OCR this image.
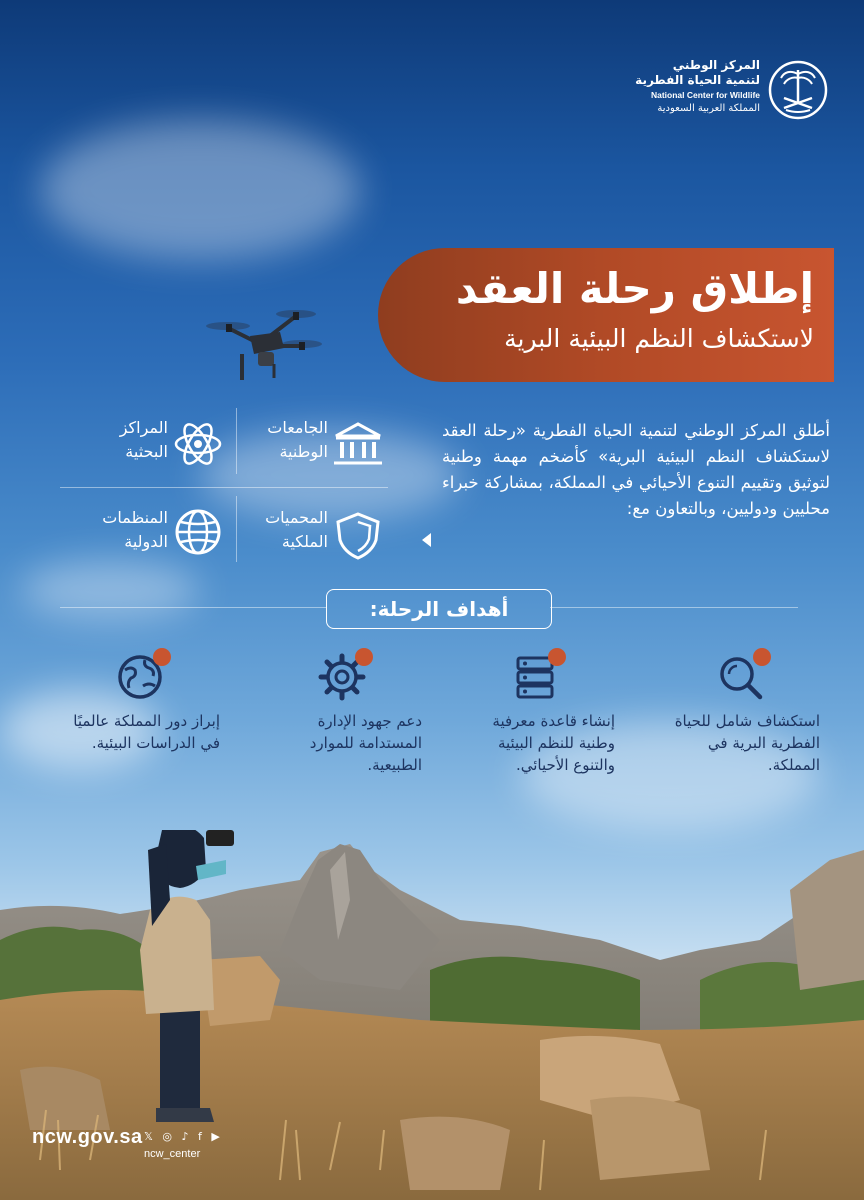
المركز الوطني
لتنمية الحياة الفطرية
National Center for Wildlife
المملكة العربية السعودية
إطلاق رحلة العقد
لاستكشاف النظم البيئية البرية
أطلق المركز الوطني لتنمية الحياة الفطرية «رحلة العقد لاستكشاف النظم البيئية البرية» كأضخم مهمة وطنية لتوثيق وتقييم التنوع الأحيائي في المملكة، بمشاركة خبراء محليين ودوليين، وبالتعاون مع:
الجامعات
الوطنية
المراكز
البحثية
المحميات
الملكية
المنظمات
الدولية
أهداف الرحلة:
استكشاف شامل للحياة الفطرية البرية في المملكة.
إنشاء قاعدة معرفية وطنية للنظم البيئية والتنوع الأحيائي.
دعم جهود الإدارة المستدامة للموارد الطبيعية.
إبراز دور المملكة عالميًا في الدراسات البيئية.
ncw.gov.sa 𝕏 ◎ ♪ f ▶
ncw_center
